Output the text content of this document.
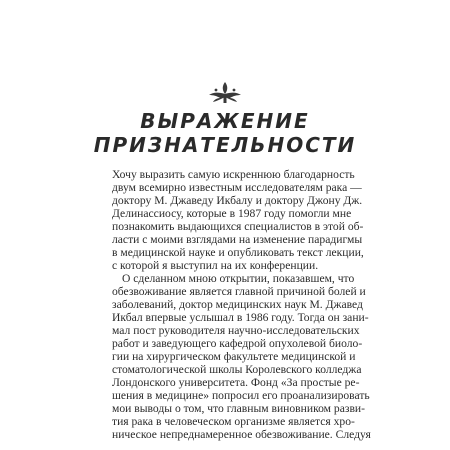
ВЫРАЖЕНИЕ
ПРИЗНАТЕЛЬНОСТИ
Хочу выразить самую искреннюю благодарность
двум всемирно известным исследователям рака —
доктору М. Джаведу Икбалу и доктору Джону Дж.
Делинассиосу, которые в 1987 году помогли мне
познакомить выдающихся специалистов в этой об-
ласти с моими взглядами на изменение парадигмы
в медицинской науке и опубликовать текст лекции,
с которой я выступил на их конференции.
О сделанном мною открытии, показавшем, что
обезвоживание является главной причиной болей и
заболеваний, доктор медицинских наук М. Джавед
Икбал впервые услышал в 1986 году. Тогда он зани-
мал пост руководителя научно-исследовательских
работ и заведующего кафедрой опухолевой биоло-
гии на хирургическом факультете медицинской и
стоматологической школы Королевского колледжа
Лондонского университета. Фонд «За простые ре-
шения в медицине» попросил его проанализировать
мои выводы о том, что главным виновником разви-
тия рака в человеческом организме является хро-
ническое непреднамеренное обезвоживание. Следуя
